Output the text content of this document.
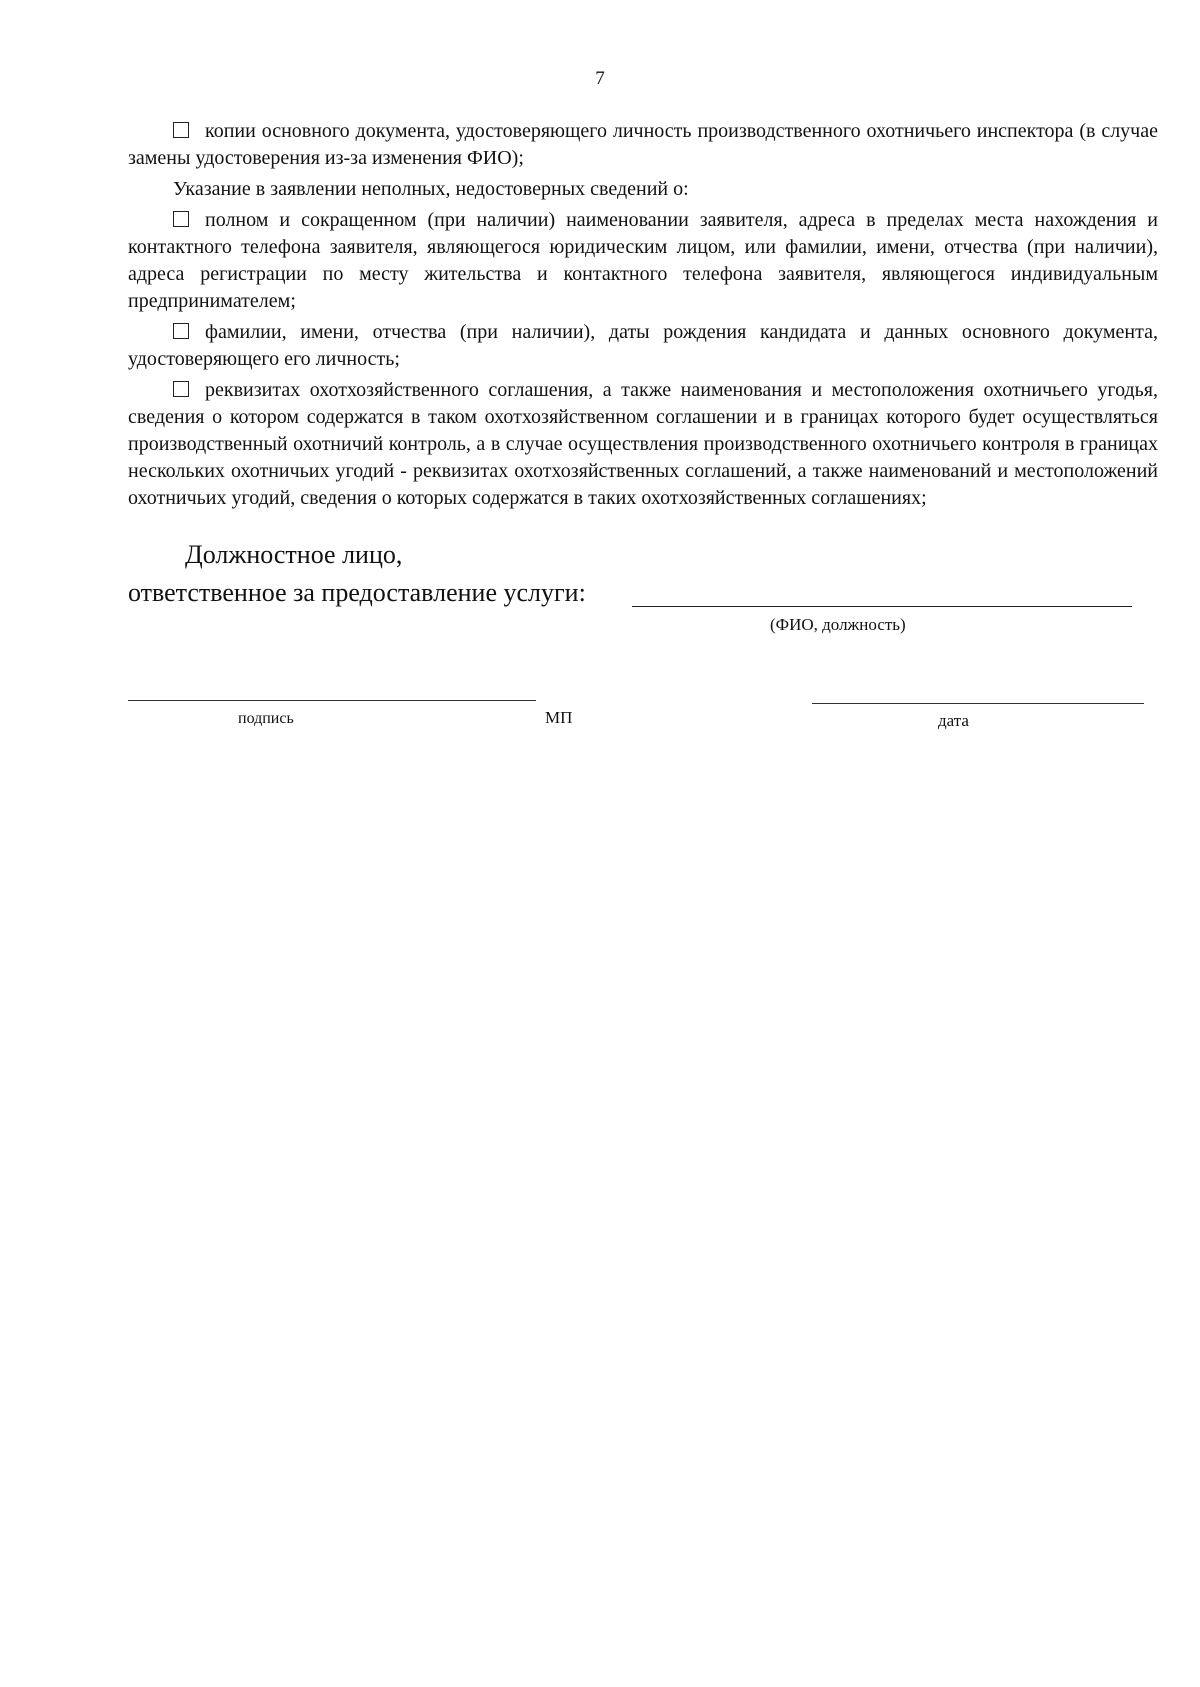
7

копии основного документа, удостоверяющего личность производственного охотничьего инспектора (в случае замены удостоверения из-за изменения ФИО);

Указание в заявлении неполных, недостоверных сведений о:

полном и сокращенном (при наличии) наименовании заявителя, адреса в пределах места нахождения и контактного телефона заявителя, являющегося юридическим лицом, или фамилии, имени, отчества (при наличии), адреса регистрации по месту жительства и контактного телефона заявителя, являющегося индивидуальным предпринимателем;

фамилии, имени, отчества (при наличии), даты рождения кандидата и данных основного документа, удостоверяющего его личность;

реквизитах охотхозяйственного соглашения, а также наименования и местоположения охотничьего угодья, сведения о котором содержатся в таком охотхозяйственном соглашении и в границах которого будет осуществляться производственный охотничий контроль, а в случае осуществления производственного охотничьего контроля в границах нескольких охотничьих угодий - реквизитах охотхозяйственных соглашений, а также наименований и местоположений охотничьих угодий, сведения о которых содержатся в таких охотхозяйственных соглашениях;

Должностное лицо,
ответственное за предоставление услуги:
(ФИО, должность)
подпись	МП	дата
